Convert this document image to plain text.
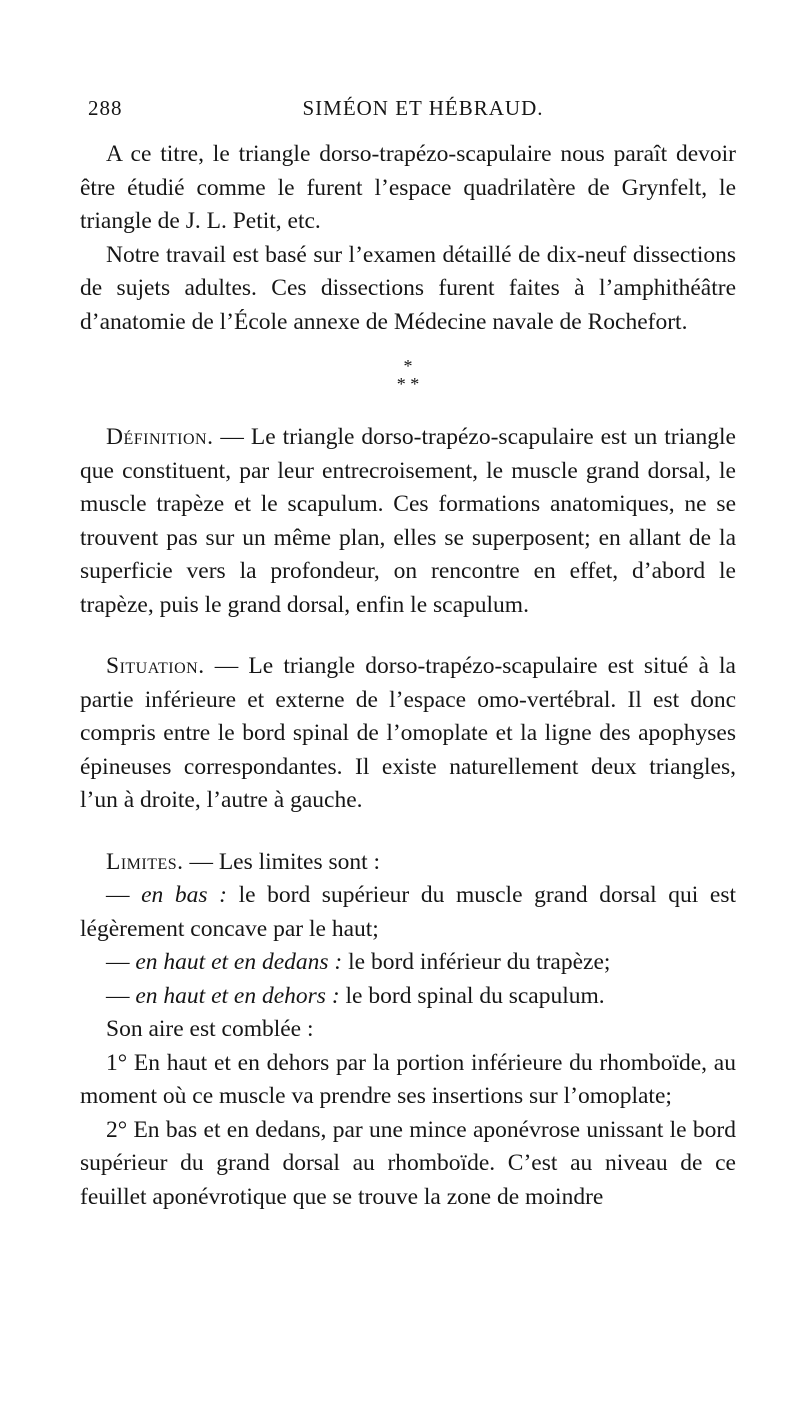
288	SIMÉON ET HÉBRAUD.

A ce titre, le triangle dorso-trapézo-scapulaire nous paraît devoir être étudié comme le furent l’espace quadrilatère de Grynfelt, le triangle de J. L. Petit, etc.

Notre travail est basé sur l’examen détaillé de dix-neuf dissections de sujets adultes. Ces dissections furent faites à l’amphithéâtre d’anatomie de l’École annexe de Médecine navale de Rochefort.

*
* *

Définition. — Le triangle dorso-trapézo-scapulaire est un triangle que constituent, par leur entrecroisement, le muscle grand dorsal, le muscle trapèze et le scapulum. Ces formations anatomiques, ne se trouvent pas sur un même plan, elles se superposent; en allant de la superficie vers la profondeur, on rencontre en effet, d’abord le trapèze, puis le grand dorsal, enfin le scapulum.

Situation. — Le triangle dorso-trapézo-scapulaire est situé à la partie inférieure et externe de l’espace omo-vertébral. Il est donc compris entre le bord spinal de l’omoplate et la ligne des apophyses épineuses correspondantes. Il existe naturellement deux triangles, l’un à droite, l’autre à gauche.

Limites. — Les limites sont :

— en bas : le bord supérieur du muscle grand dorsal qui est légèrement concave par le haut;

— en haut et en dedans : le bord inférieur du trapèze;

— en haut et en dehors : le bord spinal du scapulum.

Son aire est comblée :

1° En haut et en dehors par la portion inférieure du rhomboïde, au moment où ce muscle va prendre ses insertions sur l’omoplate;

2° En bas et en dedans, par une mince aponévrose unissant le bord supérieur du grand dorsal au rhomboïde. C’est au niveau de ce feuillet aponévrotique que se trouve la zone de moindre
